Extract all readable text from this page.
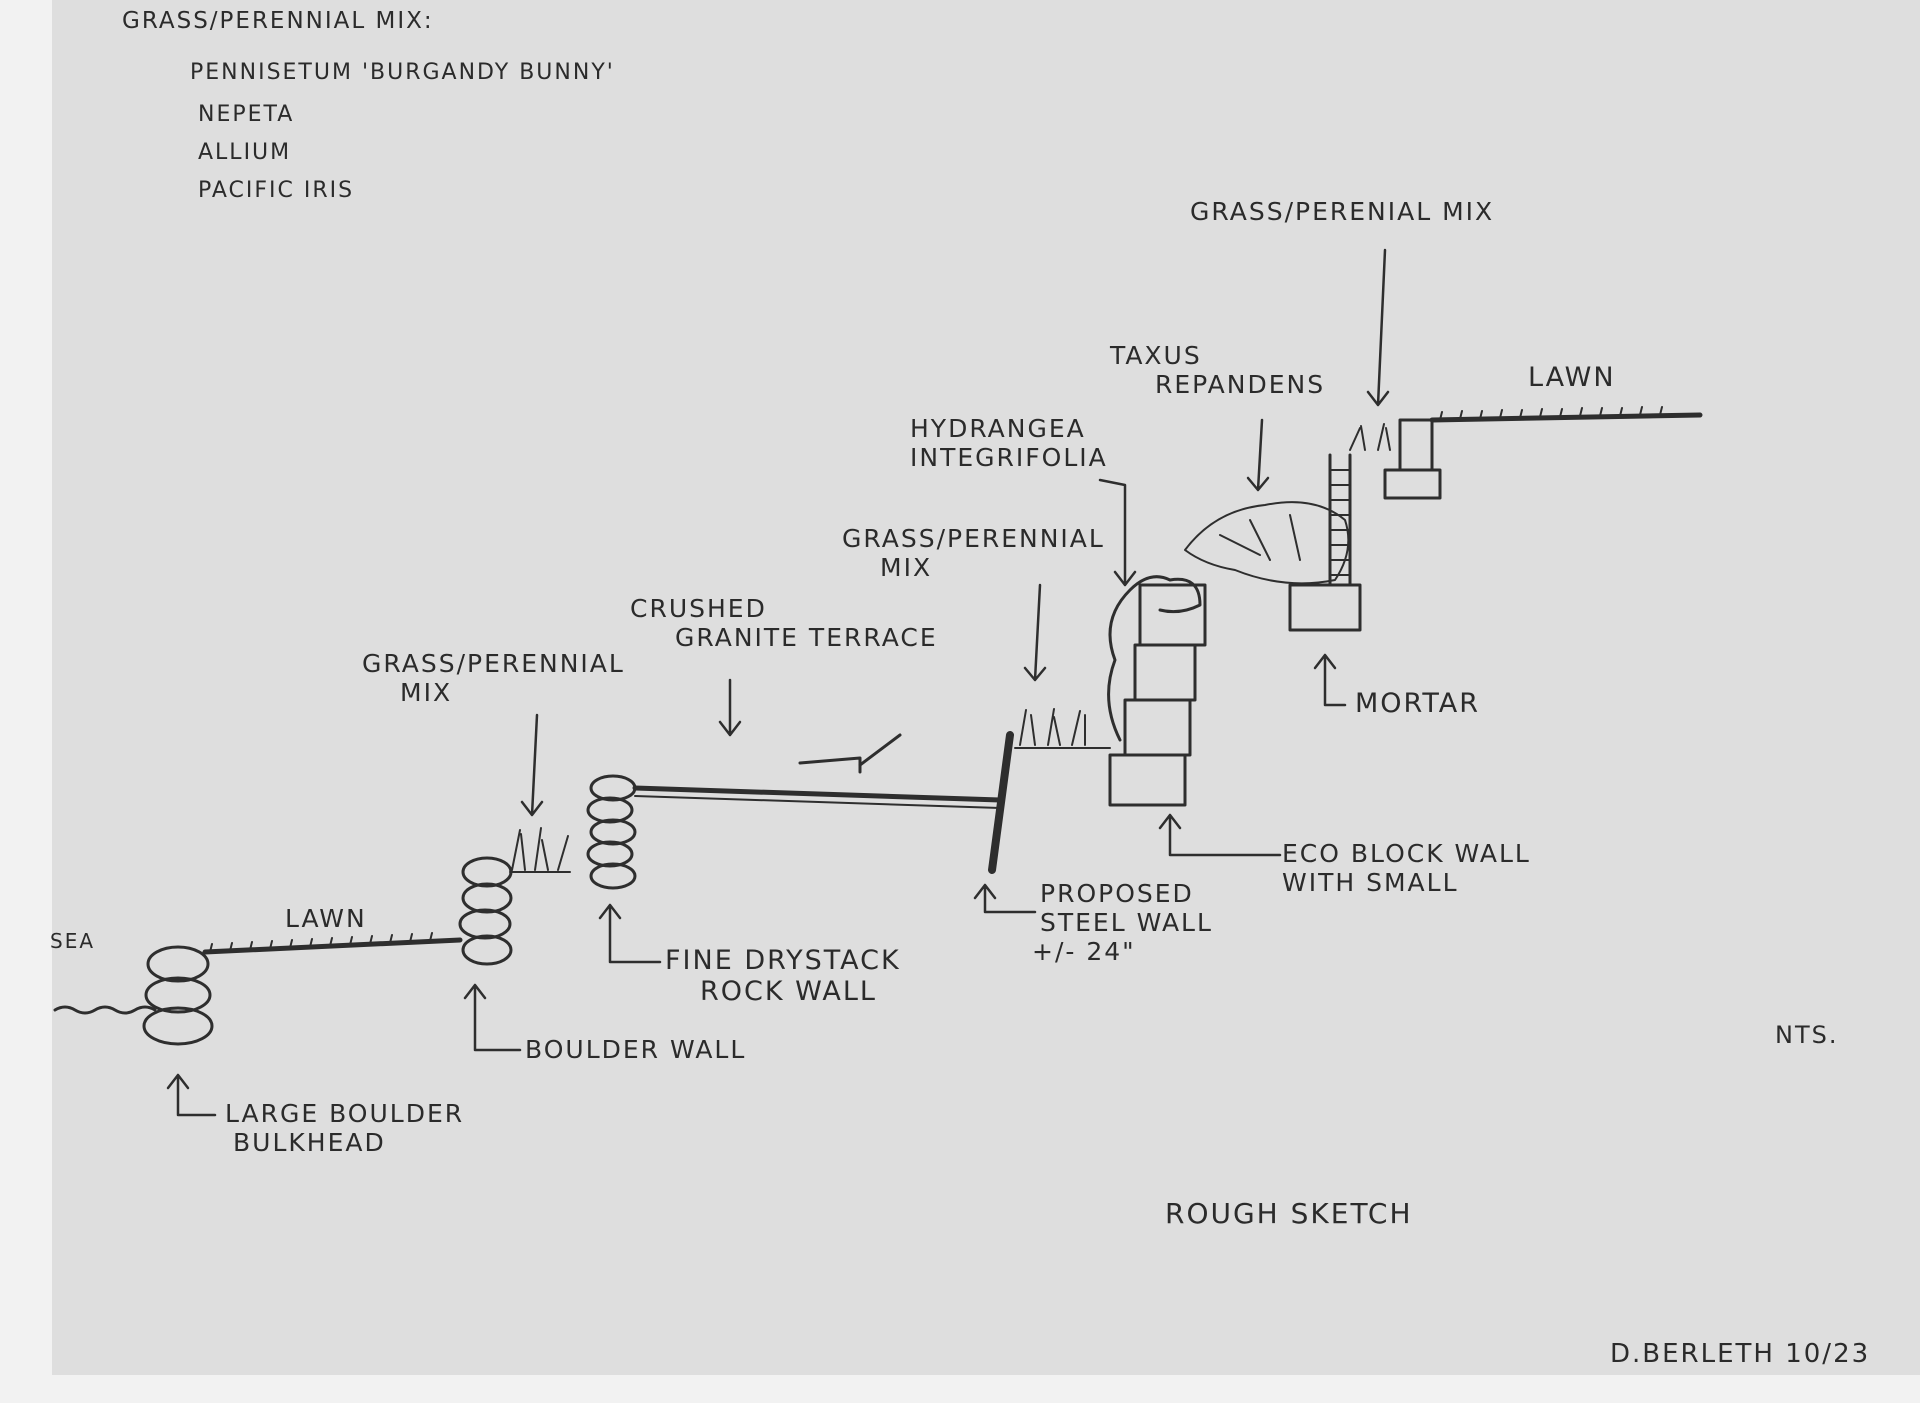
GRASS/PERENNIAL MIX:
PENNISETUM 'BURGANDY BUNNY'
NEPETA
ALLIUM
PACIFIC IRIS
GRASS/PERENIAL MIX
LAWN
TAXUS
REPANDENS
HYDRANGEA
INTEGRIFOLIA
GRASS/PERENNIAL
MIX
CRUSHED
GRANITE TERRACE
GRASS/PERENNIAL
MIX	MORTAR
SEA
LAWN
ECO BLOCK WALL
WITH SMALL
PROPOSED
STEEL WALL
+/- 24"
FINE DRYSTACK
ROCK WALL
BOULDER WALL
LARGE BOULDER
BULKHEAD
NTS.
ROUGH SKETCH
D.BERLETH 10/23
